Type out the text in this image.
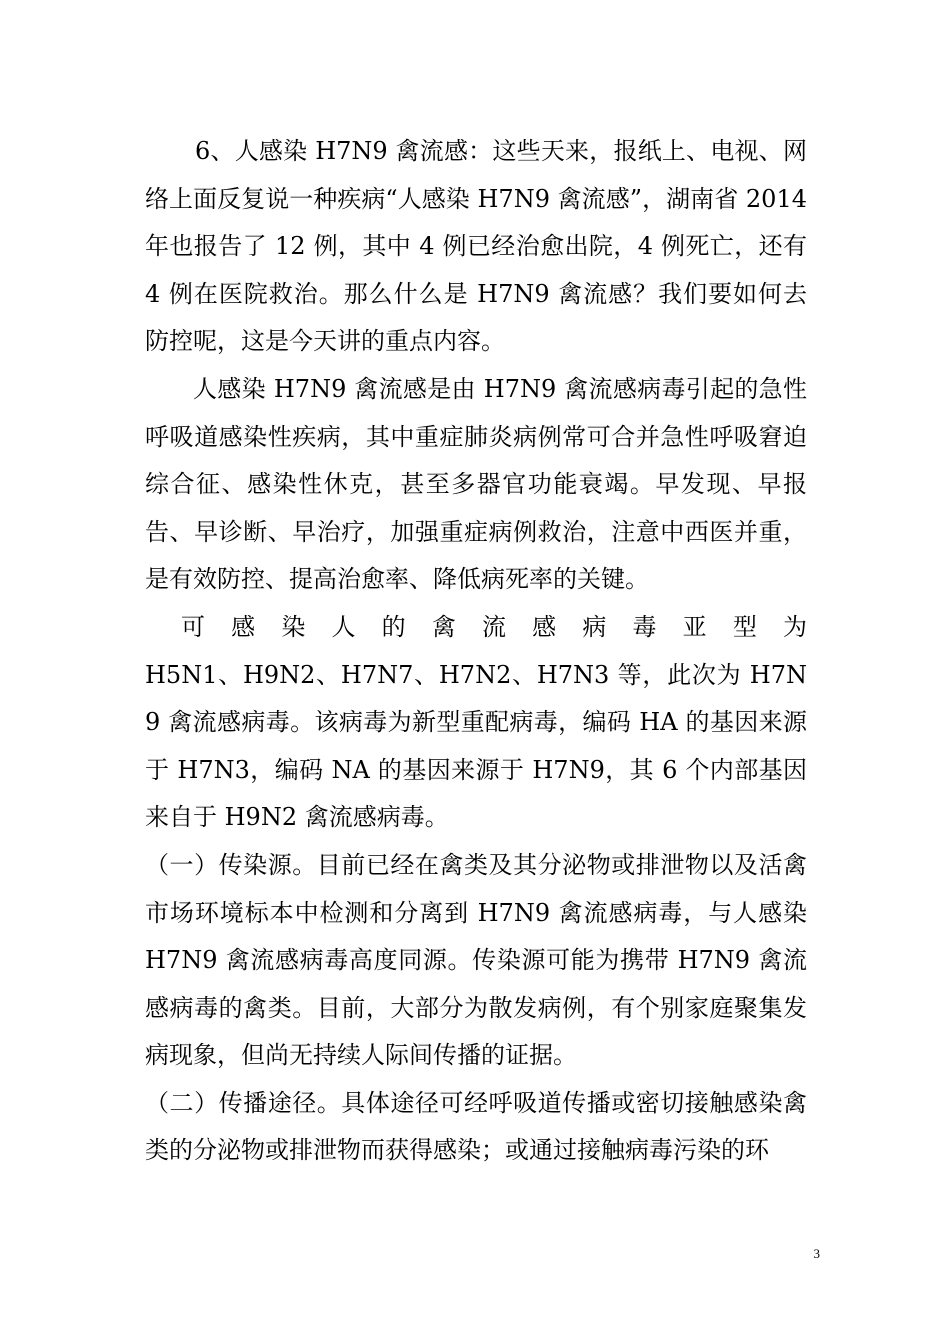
6、人感染 H7N9 禽流感：这些天来，报纸上、电视、网络上面反复说一种疾病“人感染 H7N9 禽流感”，湖南省 2014 年也报告了 12 例，其中 4 例已经治愈出院，4 例死亡，还有 4 例在医院救治。那么什么是 H7N9 禽流感？我们要如何去防控呢，这是今天讲的重点内容。

人感染 H7N9 禽流感是由 H7N9 禽流感病毒引起的急性呼吸道感染性疾病，其中重症肺炎病例常可合并急性呼吸窘迫综合征、感染性休克，甚至多器官功能衰竭。早发现、早报告、早诊断、早治疗，加强重症病例救治，注意中西医并重，是有效防控、提高治愈率、降低病死率的关键。

可感染人的禽流感病毒亚型为

H5N1、H9N2、H7N7、H7N2、H7N3 等，此次为 H7N9 禽流感病毒。该病毒为新型重配病毒，编码 HA 的基因来源于 H7N3，编码 NA 的基因来源于 H7N9，其 6 个内部基因来自于 H9N2 禽流感病毒。

（一）传染源。目前已经在禽类及其分泌物或排泄物以及活禽市场环境标本中检测和分离到 H7N9 禽流感病毒，与人感染 H7N9 禽流感病毒高度同源。传染源可能为携带 H7N9 禽流感病毒的禽类。目前，大部分为散发病例，有个别家庭聚集发病现象，但尚无持续人际间传播的证据。

（二）传播途径。具体途径可经呼吸道传播或密切接触感染禽类的分泌物或排泄物而获得感染；或通过接触病毒污染的环

3
